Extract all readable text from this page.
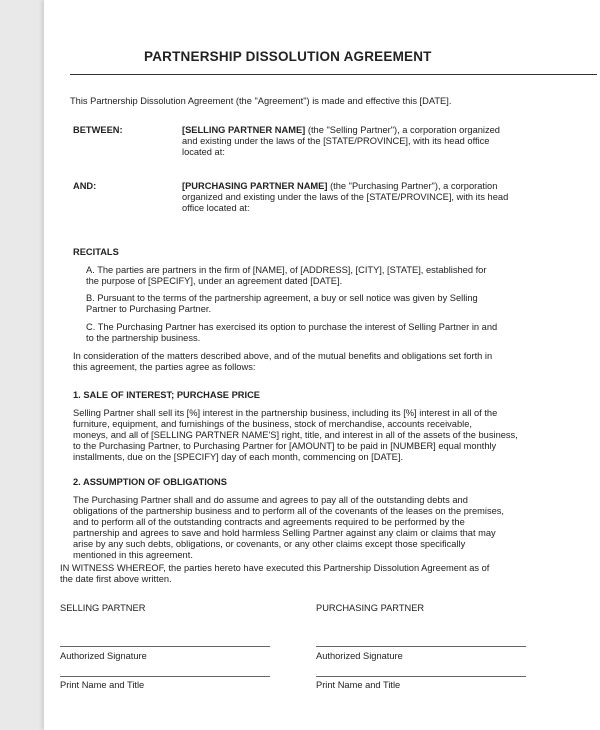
PARTNERSHIP DISSOLUTION AGREEMENT
This Partnership Dissolution Agreement (the "Agreement") is made and effective this [DATE].
BETWEEN:	[SELLING PARTNER NAME] (the "Selling Partner"), a corporation organized
and existing under the laws of the [STATE/PROVINCE], with its head office
located at:
AND:	[PURCHASING PARTNER NAME] (the "Purchasing Partner"), a corporation
organized and existing under the laws of the [STATE/PROVINCE], with its head
office located at:
RECITALS
A. The parties are partners in the firm of [NAME], of [ADDRESS], [CITY], [STATE], established for
the purpose of [SPECIFY], under an agreement dated [DATE].
B. Pursuant to the terms of the partnership agreement, a buy or sell notice was given by Selling
Partner to Purchasing Partner.
C. The Purchasing Partner has exercised its option to purchase the interest of Selling Partner in and
to the partnership business.
In consideration of the matters described above, and of the mutual benefits and obligations set forth in
this agreement, the parties agree as follows:
1. SALE OF INTEREST; PURCHASE PRICE
Selling Partner shall sell its [%] interest in the partnership business, including its [%] interest in all of the
furniture, equipment, and furnishings of the business, stock of merchandise, accounts receivable,
moneys, and all of [SELLING PARTNER NAME'S] right, title, and interest in all of the assets of the business,
to the Purchasing Partner, to Purchasing Partner for [AMOUNT] to be paid in [NUMBER] equal monthly
installments, due on the [SPECIFY] day of each month, commencing on [DATE].
2. ASSUMPTION OF OBLIGATIONS
The Purchasing Partner shall and do assume and agrees to pay all of the outstanding debts and
obligations of the partnership business and to perform all of the covenants of the leases on the premises,
and to perform all of the outstanding contracts and agreements required to be performed by the
partnership and agrees to save and hold harmless Selling Partner against any claim or claims that may
arise by any such debts, obligations, or covenants, or any other claims except those specifically
mentioned in this agreement.
IN WITNESS WHEREOF, the parties hereto have executed this Partnership Dissolution Agreement as of
the date first above written.
SELLING PARTNER	PURCHASING PARTNER
Authorized Signature	Authorized Signature
Print Name and Title	Print Name and Title
